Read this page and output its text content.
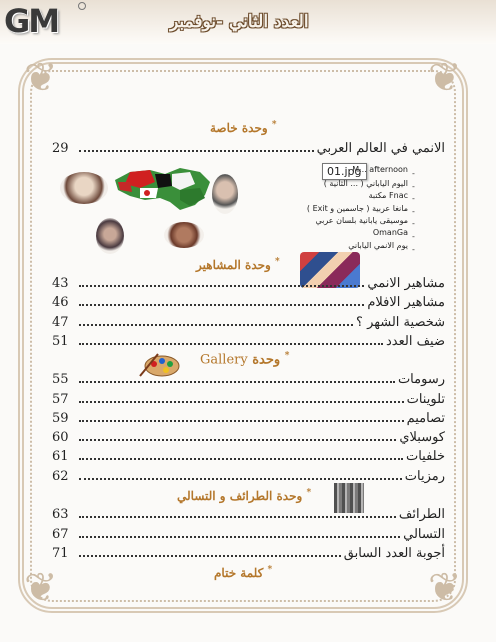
GM	العدد الثاني -نوفمبر
❦	❦
❦	❦
* وحدة خاصة
29	الانمي في العالم العربي
01.jpg
M... afternoon
اليوم الياباني ( ... الثانية )
Fnac مكتبة
مانغا عربية ( جاسمين و Exit )
موسيقى يابانية بلسان عربي
OmanGa
يوم الانمي الياباني
-
-
-
-
-
-
-
* وحدة المشاهير
43	مشاهير الانمي
46	مشاهير الافلام
47	شخصية الشهر ؟
51	ضيف العدد
* وحدة Gallery
55	رسومات
57	تلوينات
59	تصاميم
60	كوسبلاي
61	خلفيات
62	رمزيات
* وحدة الطرائف و التسالي
63	الطرائف
67	التسالي
71	أجوبة العدد السابق
* كلمة ختام
